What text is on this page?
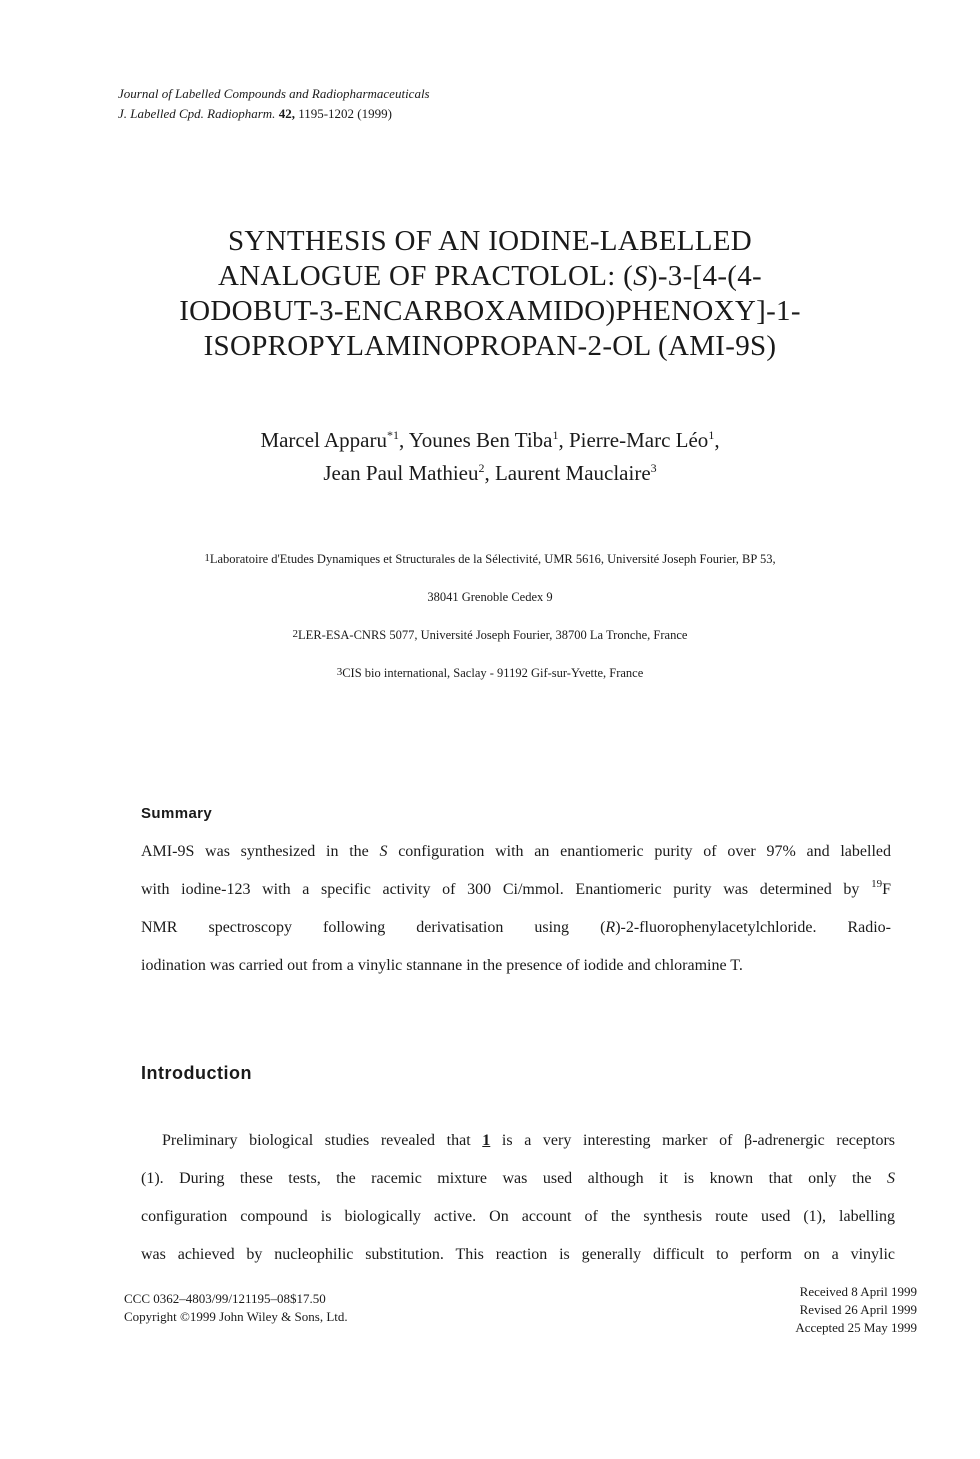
Journal of Labelled Compounds and Radiopharmaceuticals
J. Labelled Cpd. Radiopharm. 42, 1195-1202 (1999)
SYNTHESIS OF AN IODINE-LABELLED
ANALOGUE OF PRACTOLOL: (S)-3-[4-(4-
IODOBUT-3-ENCARBOXAMIDO)PHENOXY]-1-
ISOPROPYLAMINOPROPAN-2-OL (AMI-9S)
Marcel Apparu$^{*1}$, Younes Ben Tiba$^1$, Pierre-Marc Léo$^1$,
Jean Paul Mathieu$^2$, Laurent Mauclaire$^3$
$^1$Laboratoire d'Etudes Dynamiques et Structurales de la Sélectivité, UMR 5616, Université Joseph Fourier, BP 53,
38041 Grenoble Cedex 9
$^2$LER-ESA-CNRS 5077, Université Joseph Fourier, 38700 La Tronche, France
$^3$CIS bio international, Saclay - 91192 Gif-sur-Yvette, France
Summary
AMI-9S was synthesized in the S configuration with an enantiomeric purity of over 97% and labelled
with iodine-123 with a specific activity of 300 Ci/mmol. Enantiomeric purity was determined by $^{19}$F
NMR spectroscopy following derivatisation using (R)-2-fluorophenylacetylchloride. Radio-
iodination was carried out from a vinylic stannane in the presence of iodide and chloramine T.
Introduction
Preliminary biological studies revealed that 1 is a very interesting marker of β-adrenergic receptors
(1). During these tests, the racemic mixture was used although it is known that only the S
configuration compound is biologically active. On account of the synthesis route used (1), labelling
was achieved by nucleophilic substitution. This reaction is generally difficult to perform on a vinylic
CCC 0362–4803/99/121195–08$17.50
Copyright ©1999 John Wiley & Sons, Ltd.
Received 8 April 1999
Revised 26 April 1999
Accepted 25 May 1999
